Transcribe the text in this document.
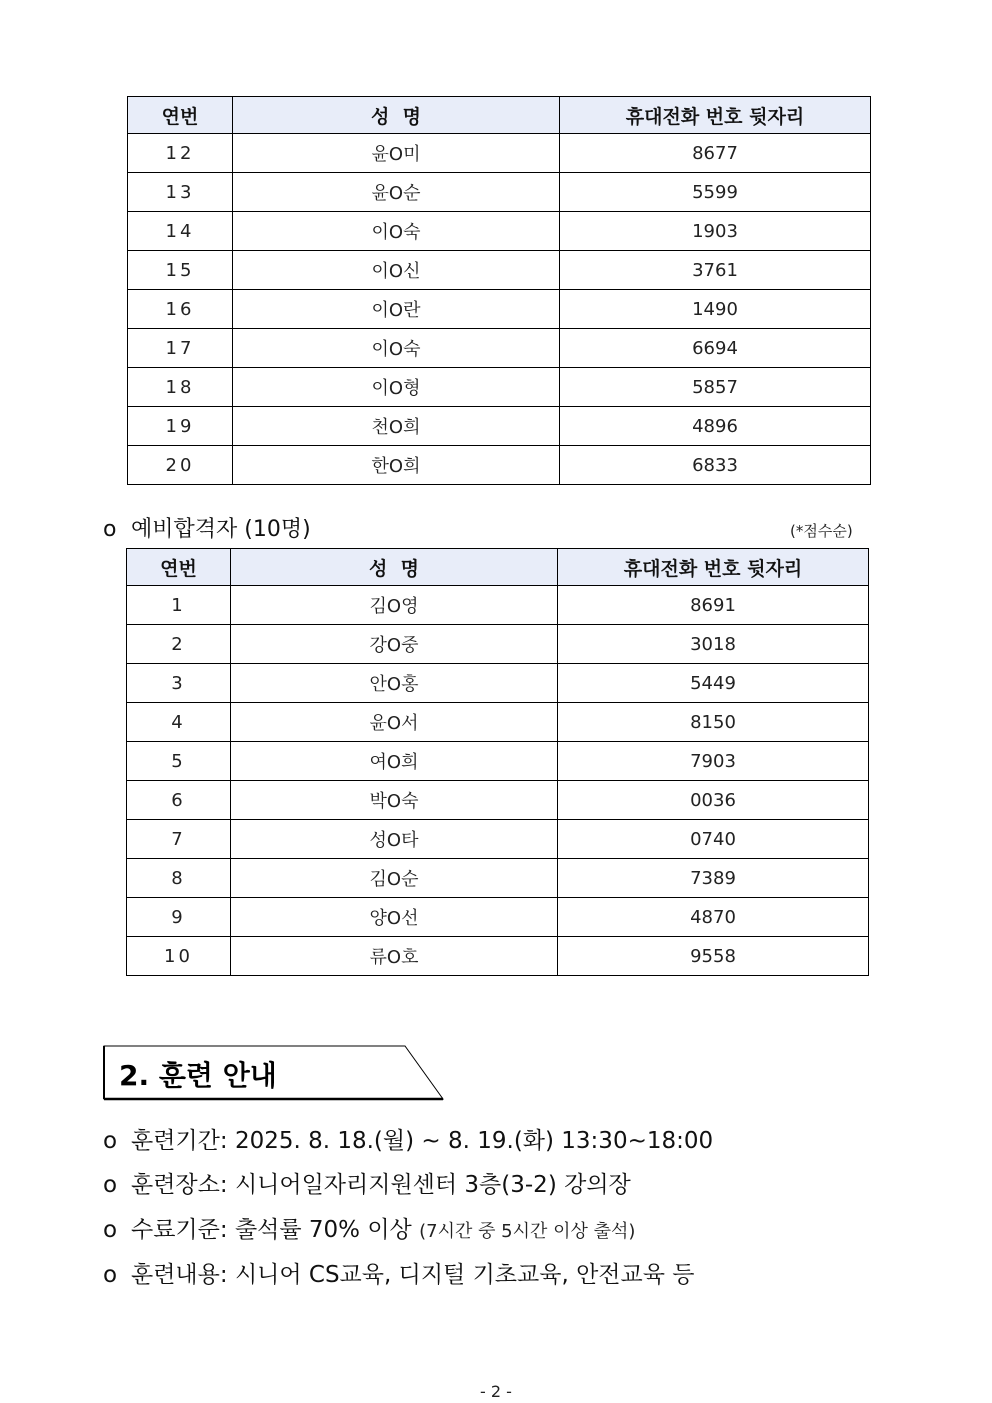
연번	성  명	휴대전화 번호 뒷자리
12	윤O미	8677
13	윤O순	5599
14	이O숙	1903
15	이O신	3761
16	이O란	1490
17	이O숙	6694
18	이O형	5857
19	천O희	4896
20	한O희	6833
o 예비합격자 (10명)	(*점수순)
연번	성  명	휴대전화 번호 뒷자리
1	김O영	8691
2	강O중	3018
3	안O홍	5449
4	윤O서	8150
5	여O희	7903
6	박O숙	0036
7	성O타	0740
8	김O순	7389
9	양O선	4870
10	류O호	9558
2. 훈련 안내
o 훈련기간: 2025. 8. 18.(월) ~ 8. 19.(화) 13:30~18:00
o 훈련장소: 시니어일자리지원센터 3층(3-2) 강의장
o 수료기준: 출석률 70% 이상 (7시간 중 5시간 이상 출석)
o 훈련내용: 시니어 CS교육, 디지털 기초교육, 안전교육 등
- 2 -
